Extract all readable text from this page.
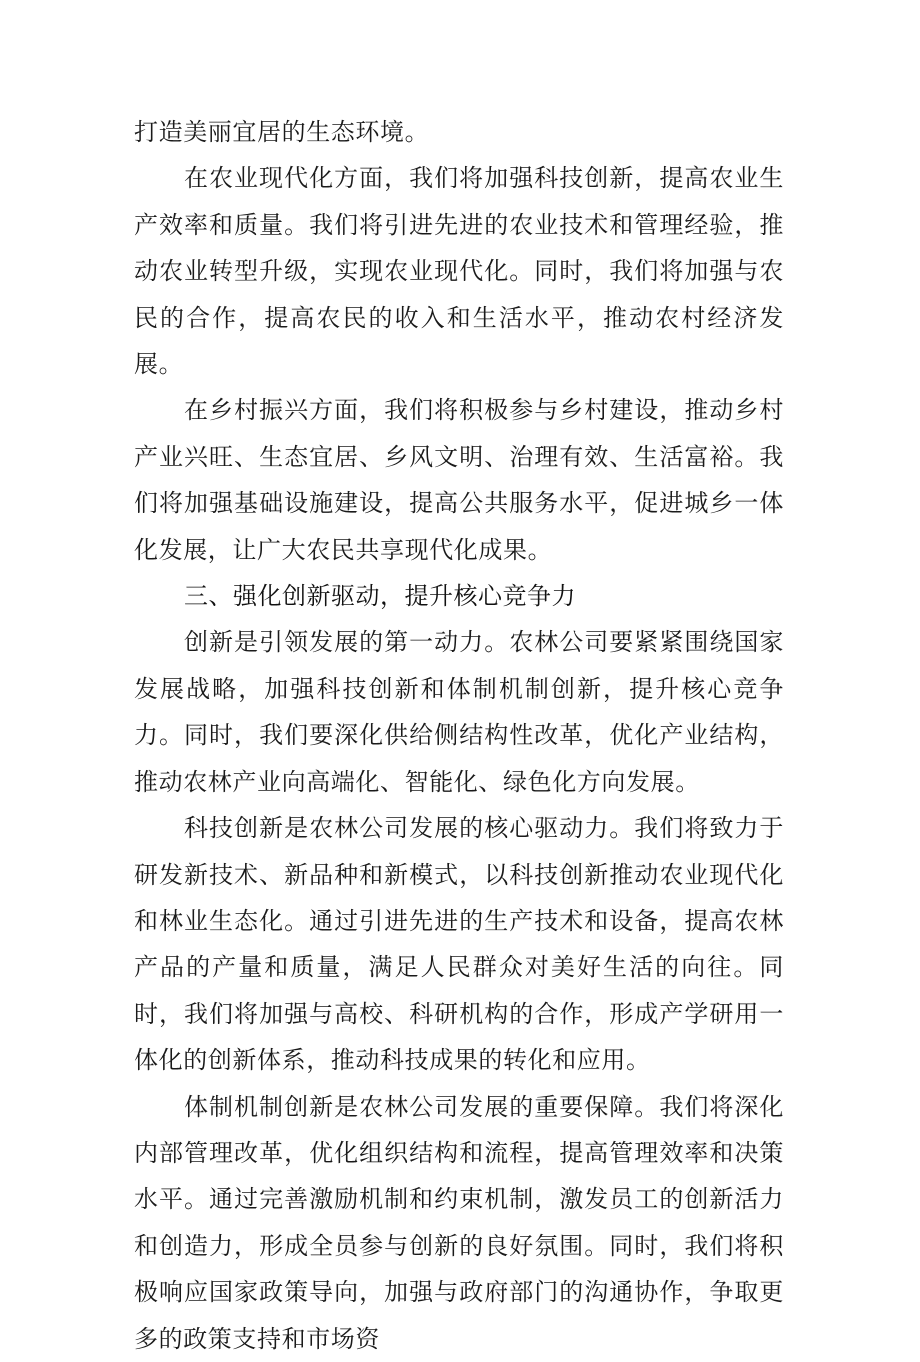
打造美丽宜居的生态环境。

在农业现代化方面，我们将加强科技创新，提高农业生产效率和质量。我们将引进先进的农业技术和管理经验，推动农业转型升级，实现农业现代化。同时，我们将加强与农民的合作，提高农民的收入和生活水平，推动农村经济发展。

在乡村振兴方面，我们将积极参与乡村建设，推动乡村产业兴旺、生态宜居、乡风文明、治理有效、生活富裕。我们将加强基础设施建设，提高公共服务水平，促进城乡一体化发展，让广大农民共享现代化成果。

三、强化创新驱动，提升核心竞争力

创新是引领发展的第一动力。农林公司要紧紧围绕国家发展战略，加强科技创新和体制机制创新，提升核心竞争力。同时，我们要深化供给侧结构性改革，优化产业结构，推动农林产业向高端化、智能化、绿色化方向发展。

科技创新是农林公司发展的核心驱动力。我们将致力于研发新技术、新品种和新模式，以科技创新推动农业现代化和林业生态化。通过引进先进的生产技术和设备，提高农林产品的产量和质量，满足人民群众对美好生活的向往。同时，我们将加强与高校、科研机构的合作，形成产学研用一体化的创新体系，推动科技成果的转化和应用。

体制机制创新是农林公司发展的重要保障。我们将深化内部管理改革，优化组织结构和流程，提高管理效率和决策水平。通过完善激励机制和约束机制，激发员工的创新活力和创造力，形成全员参与创新的良好氛围。同时，我们将积极响应国家政策导向，加强与政府部门的沟通协作，争取更多的政策支持和市场资
